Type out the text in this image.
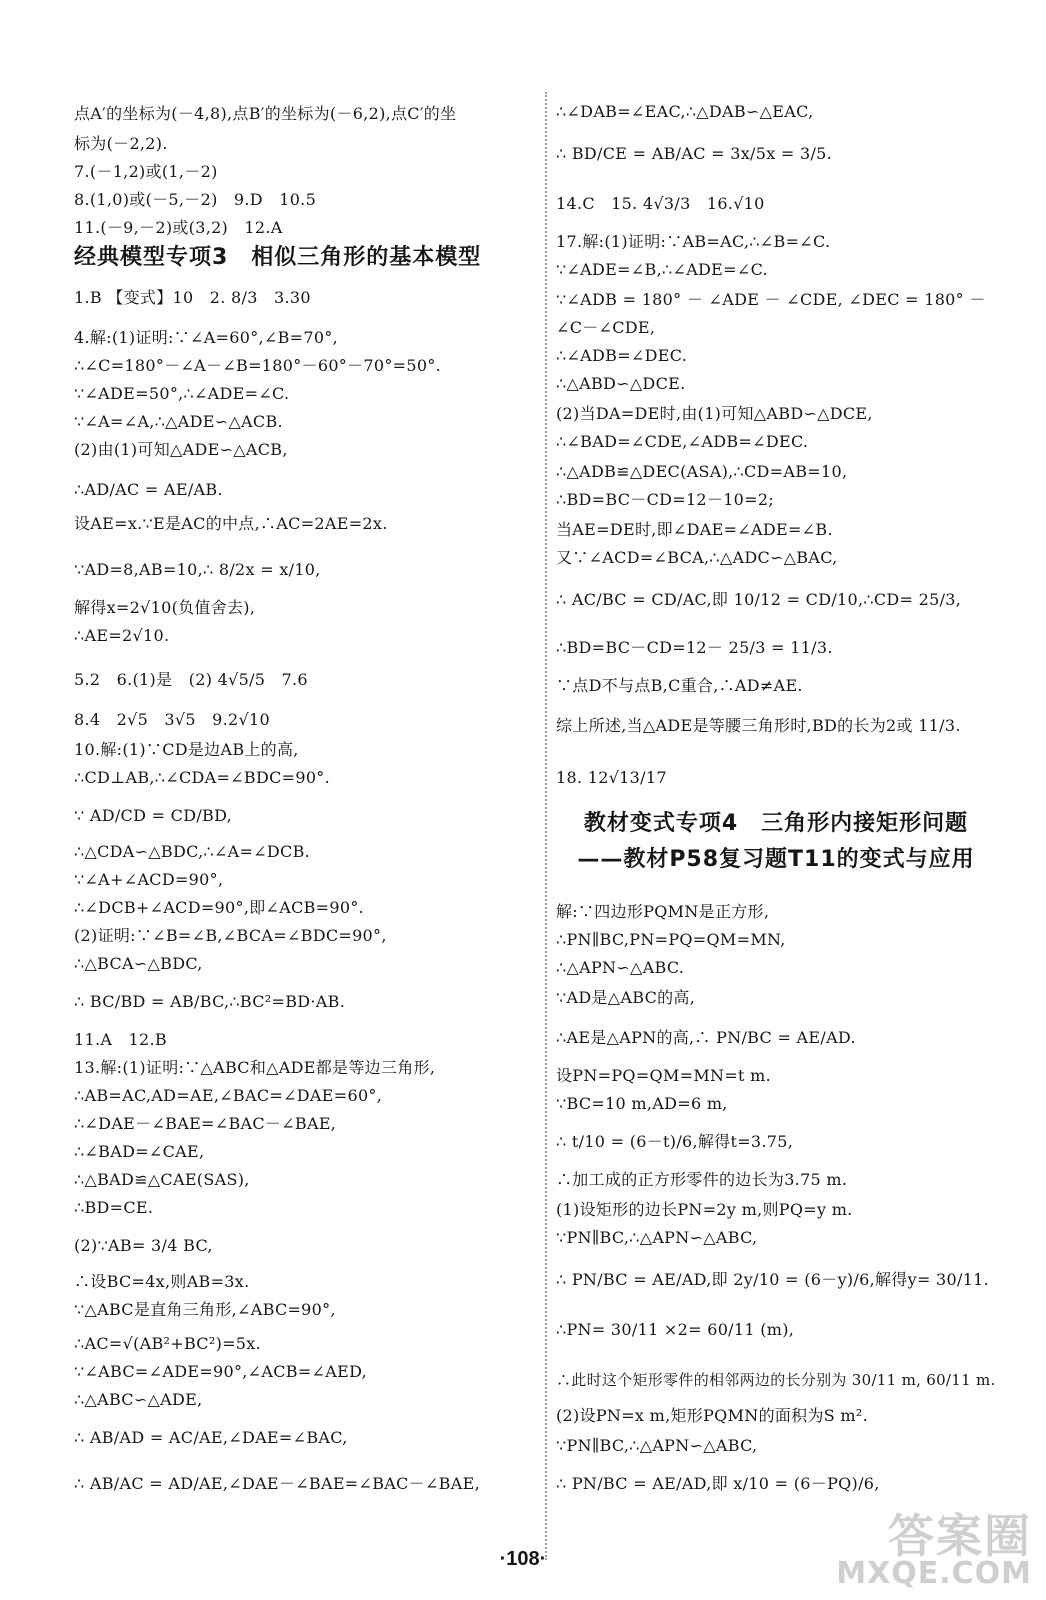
点A′的坐标为(－4,8),点B′的坐标为(－6,2),点C′的坐
标为(－2,2).
7.(－1,2)或(1,－2)
8.(1,0)或(－5,－2)　9.D　10.5
11.(－9,－2)或(3,2)　12.A
经典模型专项3　相似三角形的基本模型
1.B 【变式】10　2. 8/3　3.30
4.解:(1)证明:∵∠A=60°,∠B=70°,
∴∠C=180°－∠A－∠B=180°－60°－70°=50°.
∵∠ADE=50°,∴∠ADE=∠C.
∵∠A=∠A,∴△ADE∽△ACB.
(2)由(1)可知△ADE∽△ACB,
∴AD/AC = AE/AB.
设AE=x.∵E是AC的中点,∴AC=2AE=2x.
∵AD=8,AB=10,∴ 8/2x = x/10,
解得x=2√10(负值舍去),
∴AE=2√10.
5.2　6.(1)是　(2) 4√5/5　7.6
8.4　2√5　3√5　9.2√10
10.解:(1)∵CD是边AB上的高,
∴CD⊥AB,∴∠CDA=∠BDC=90°.
∵ AD/CD = CD/BD,
∴△CDA∽△BDC,∴∠A=∠DCB.
∵∠A+∠ACD=90°,
∴∠DCB+∠ACD=90°,即∠ACB=90°.
(2)证明:∵∠B=∠B,∠BCA=∠BDC=90°,
∴△BCA∽△BDC,
∴ BC/BD = AB/BC,∴BC²=BD·AB.
11.A　12.B
13.解:(1)证明:∵△ABC和△ADE都是等边三角形,
∴AB=AC,AD=AE,∠BAC=∠DAE=60°,
∴∠DAE－∠BAE=∠BAC－∠BAE,
∴∠BAD=∠CAE,
∴△BAD≌△CAE(SAS),
∴BD=CE.
(2)∵AB= 3/4 BC,
∴设BC=4x,则AB=3x.
∵△ABC是直角三角形,∠ABC=90°,
∴AC=√(AB²+BC²)=5x.
∵∠ABC=∠ADE=90°,∠ACB=∠AED,
∴△ABC∽△ADE,
∴ AB/AD = AC/AE,∠DAE=∠BAC,
∴ AB/AC = AD/AE,∠DAE－∠BAE=∠BAC－∠BAE,
∴∠DAB=∠EAC,∴△DAB∽△EAC,
∴ BD/CE = AB/AC = 3x/5x = 3/5.
14.C　15. 4√3/3　16.√10
17.解:(1)证明:∵AB=AC,∴∠B=∠C.
∵∠ADE=∠B,∴∠ADE=∠C.
∵∠ADB = 180° － ∠ADE － ∠CDE, ∠DEC = 180° －
∠C－∠CDE,
∴∠ADB=∠DEC.
∴△ABD∽△DCE.
(2)当DA=DE时,由(1)可知△ABD∽△DCE,
∴∠BAD=∠CDE,∠ADB=∠DEC.
∴△ADB≌△DEC(ASA),∴CD=AB=10,
∴BD=BC－CD=12－10=2;
当AE=DE时,即∠DAE=∠ADE=∠B.
又∵∠ACD=∠BCA,∴△ADC∽△BAC,
∴ AC/BC = CD/AC,即 10/12 = CD/10,∴CD= 25/3,
∴BD=BC－CD=12－ 25/3 = 11/3.
∵点D不与点B,C重合,∴AD≠AE.
综上所述,当△ADE是等腰三角形时,BD的长为2或 11/3.
18. 12√13/17
教材变式专项4　三角形内接矩形问题
——教材P58复习题T11的变式与应用
解:∵四边形PQMN是正方形,
∴PN∥BC,PN=PQ=QM=MN,
∴△APN∽△ABC.
∵AD是△ABC的高,
∴AE是△APN的高,∴ PN/BC = AE/AD.
设PN=PQ=QM=MN=t m.
∵BC=10 m,AD=6 m,
∴ t/10 = (6－t)/6,解得t=3.75,
∴加工成的正方形零件的边长为3.75 m.
(1)设矩形的边长PN=2y m,则PQ=y m.
∵PN∥BC,∴△APN∽△ABC,
∴ PN/BC = AE/AD,即 2y/10 = (6－y)/6,解得y= 30/11.
∴PN= 30/11 ×2= 60/11 (m),
∴此时这个矩形零件的相邻两边的长分别为 30/11 m, 60/11 m.
(2)设PN=x m,矩形PQMN的面积为S m².
∵PN∥BC,∴△APN∽△ABC,
∴ PN/BC = AE/AD,即 x/10 = (6－PQ)/6,
·108·	答案圈
MXQE.COM
